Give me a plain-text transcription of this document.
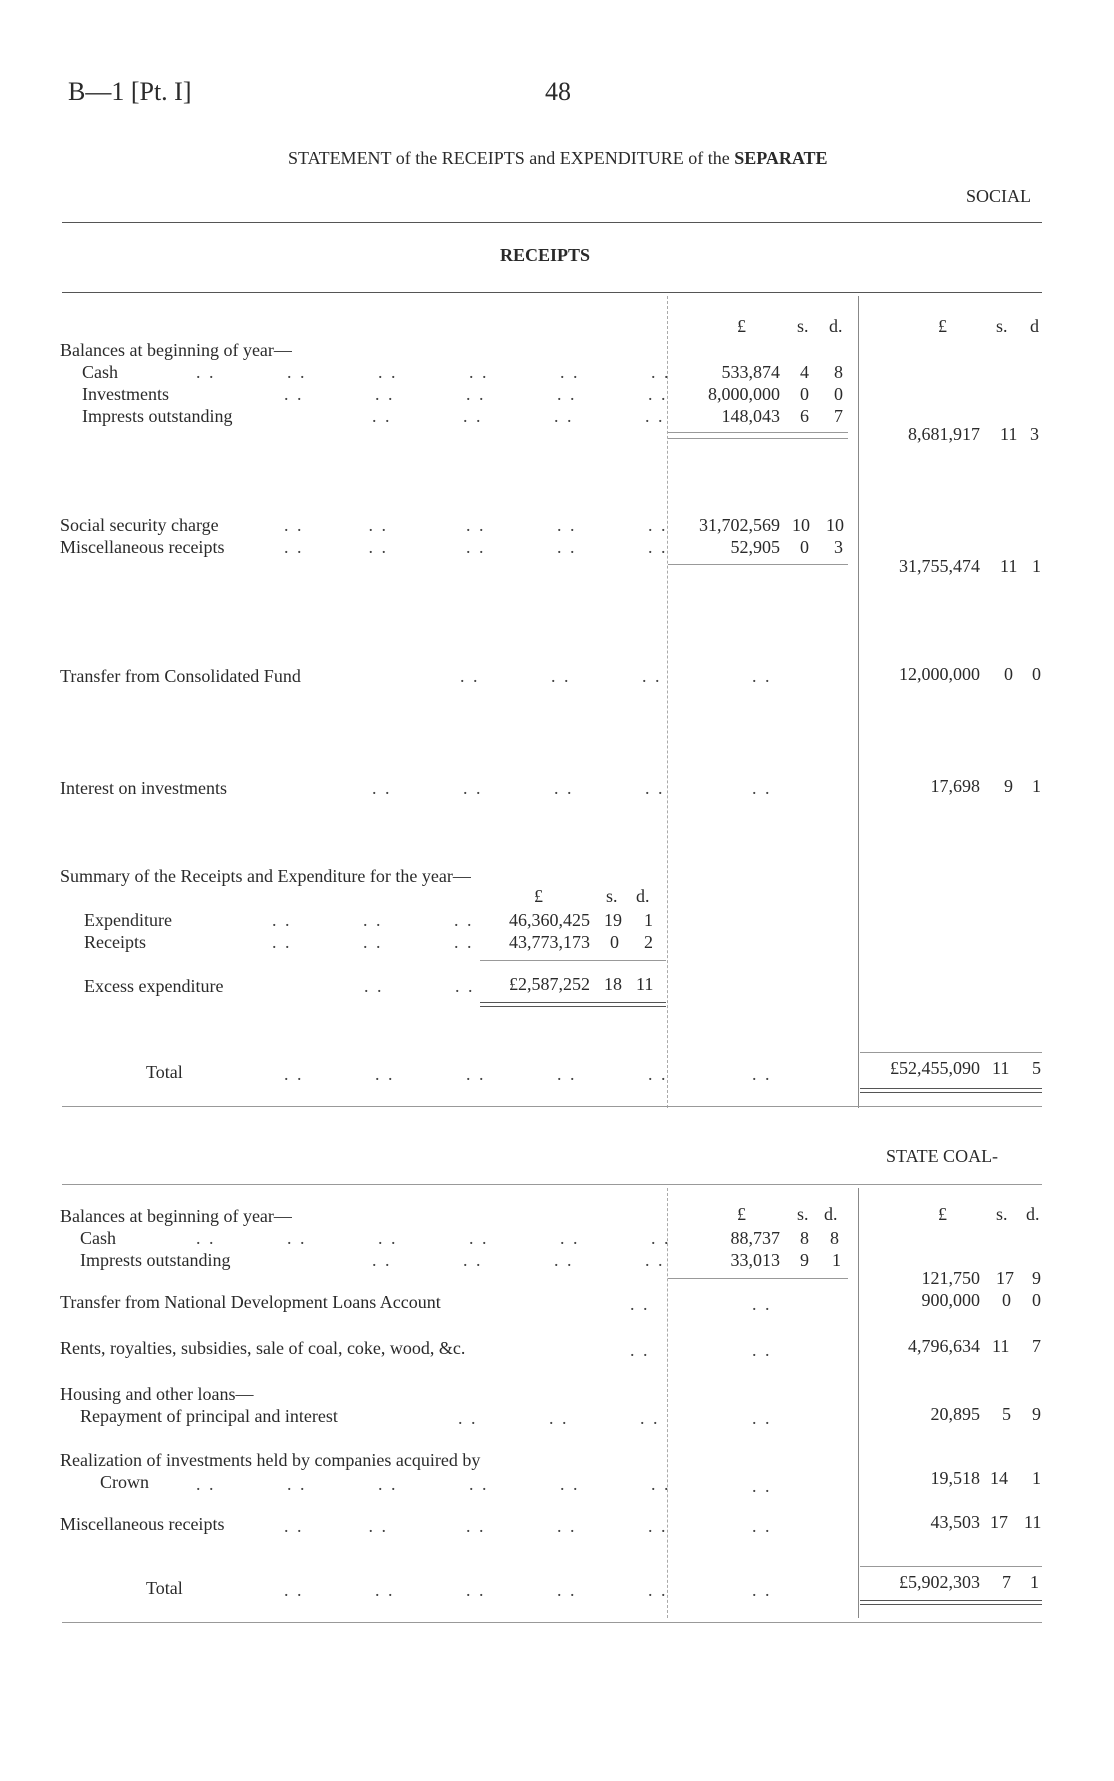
B—1 [Pt. I]	48
STATEMENT of the RECEIPTS and EXPENDITURE of the SEPARATE
SOCIAL
RECEIPTS
£	s. d.	£	s. d
Balances at beginning of year—
Cash	. .           . .           . .           . .           . .           . .	533,874 4 8
Investments	. .           . .           . .           . .           . .	8,000,000 0 0
Imprests outstanding	. .           . .           . .           . .	148,043 6 7
8,681,917 11 3
Social security charge	. .          . .            . .           . .           . .	31,702,569 10 10
Miscellaneous receipts	. .          . .            . .           . .           . .	52,905 0 3
31,755,474 11 1
Transfer from Consolidated Fund	. .           . .           . .	. .	12,000,000 0 0
Interest on investments	. .           . .           . .           . .	. .	17,698 9 1
Summary of the Receipts and Expenditure for the year—
£	s. d.
Expenditure	. .           . .           . .	46,360,425 19 1
Receipts	. .           . .           . .	43,773,173 0 2
Excess expenditure	. .           . .	£2,587,252 18 11
Total	. .           . .           . .           . .           . .	. .	£52,455,090 11 5
STATE COAL-
£	s. d.	£	s. d.
Balances at beginning of year—
Cash	. .           . .           . .           . .           . .           . .	88,737 8 8
Imprests outstanding	. .           . .           . .           . .	33,013 9 1
121,750 17 9
Transfer from National Development Loans Account	. .	. .	900,000 0 0
Rents, royalties, subsidies, sale of coal, coke, wood, &c.	. .	. .	4,796,634 11 7
Housing and other loans—
Repayment of principal and interest	. .           . .           . .	. .	20,895 5 9
Realization of investments held by companies acquired by
Crown	. .           . .           . .           . .           . .           . .	. .	19,518 14 1
Miscellaneous receipts	. .          . .            . .           . .           . .	. .	43,503 17 11
Total	. .           . .           . .           . .           . .	. .	£5,902,303 7 1
